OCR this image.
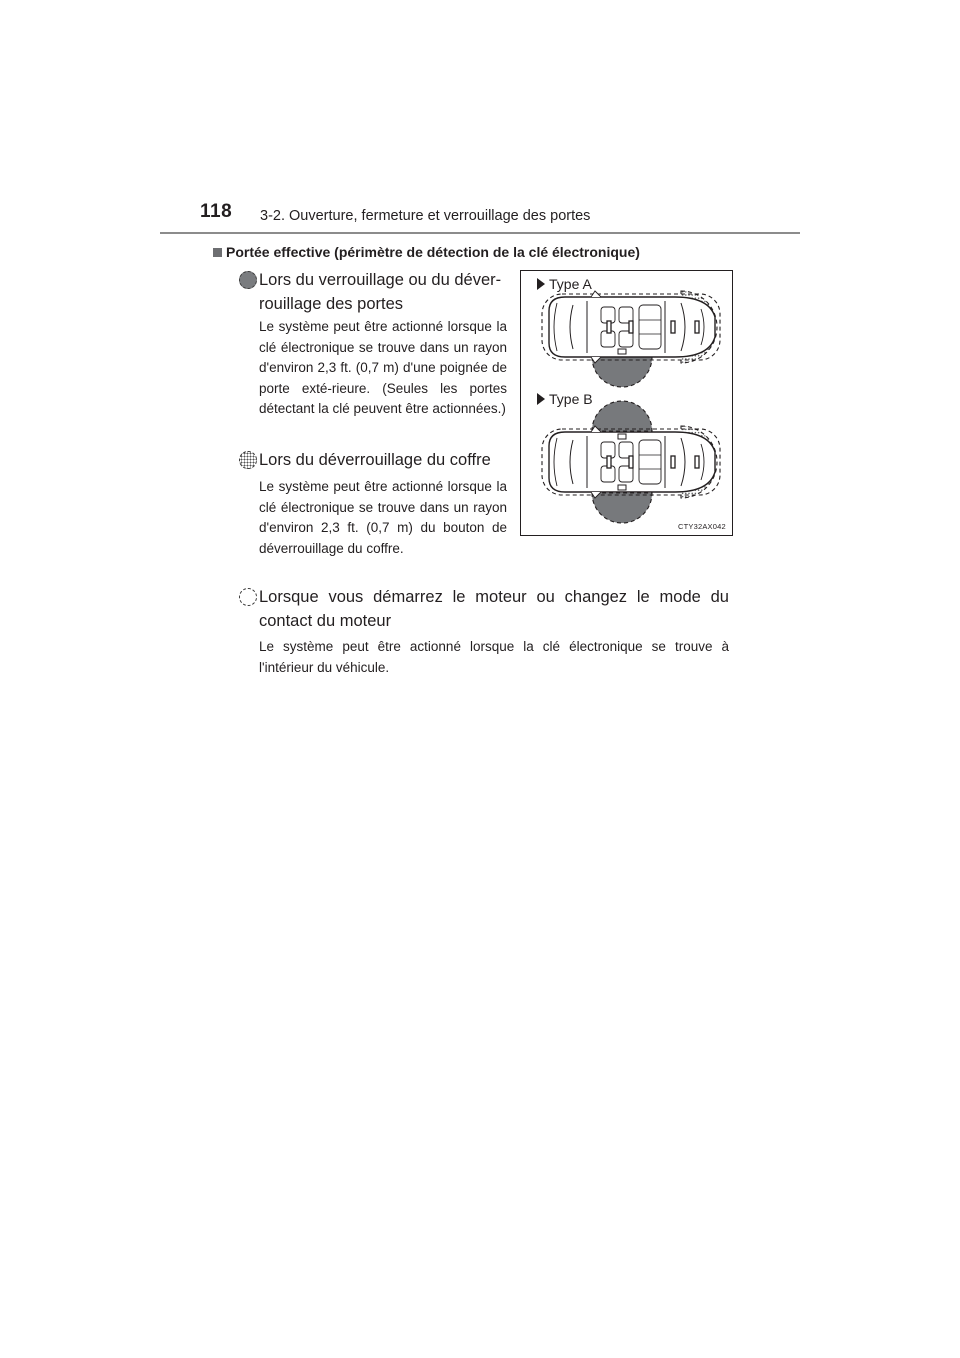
118 3-2. Ouverture, fermeture et verrouillage des portes
Portée effective (périmètre de détection de la clé électronique)
Lors du verrouillage ou du déver-rouillage des portes
Le système peut être actionné lorsque la clé électronique se trouve dans un rayon d'environ 2,3 ft. (0,7 m) d'une poignée de porte exté-rieure. (Seules les portes détectant la clé peuvent être actionnées.)
Lors du déverrouillage du coffre
Le système peut être actionné lorsque la clé électronique se trouve dans un rayon d'environ 2,3 ft. (0,7 m) du bouton de déverrouillage du coffre.
Lorsque vous démarrez le moteur ou changez le mode du contact du moteur
Le système peut être actionné lorsque la clé électronique se trouve à l'intérieur du véhicule.
Type A
Type B
CTY32AX042
